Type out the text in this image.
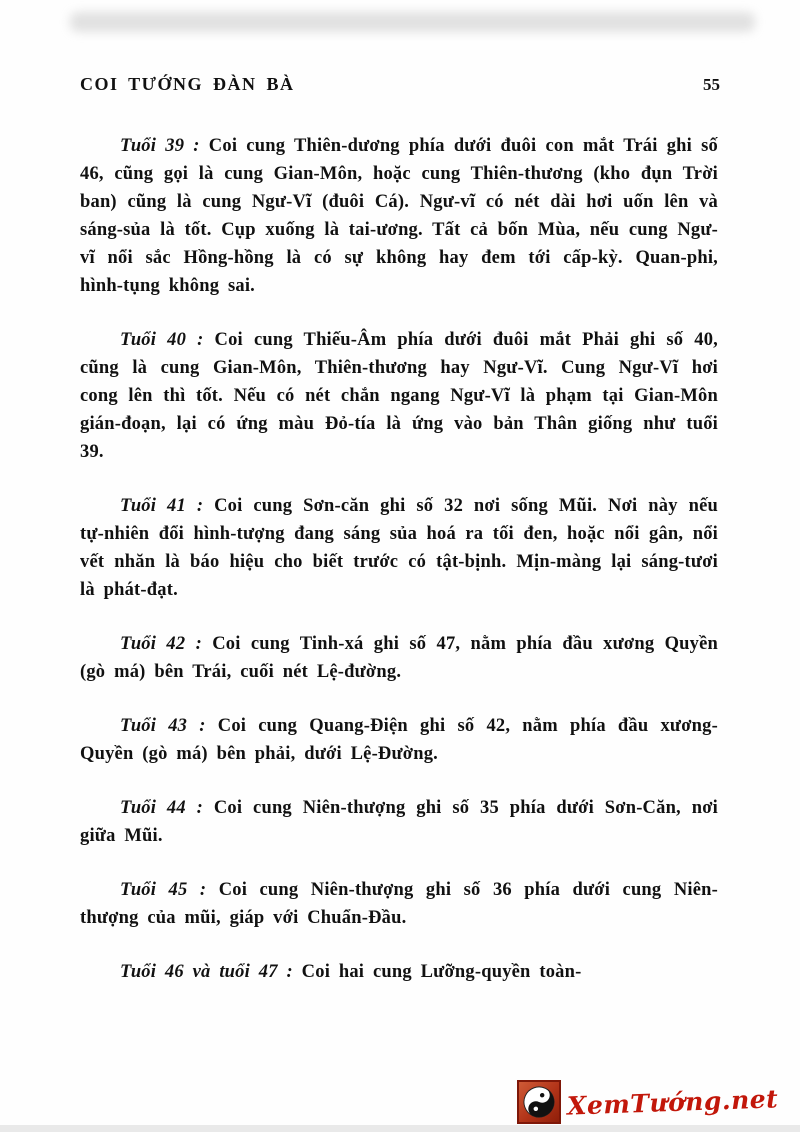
COI TƯỚNG ĐÀN BÀ	55

Tuổi 39 : Coi cung Thiên-dương phía dưới đuôi con mắt Trái ghi số 46, cũng gọi là cung Gian-Môn, hoặc cung Thiên-thương (kho đụn Trời ban) cũng là cung Ngư-Vĩ (đuôi Cá). Ngư-vĩ có nét dài hơi uốn lên và sáng-sủa là tốt. Cụp xuống là tai-ương. Tất cả bốn Mùa, nếu cung Ngư-vĩ nổi sắc Hồng-hồng là có sự không hay đem tới cấp-kỳ. Quan-phi, hình-tụng không sai.

Tuổi 40 : Coi cung Thiếu-Âm phía dưới đuôi mắt Phải ghi số 40, cũng là cung Gian-Môn, Thiên-thương hay Ngư-Vĩ. Cung Ngư-Vĩ hơi cong lên thì tốt. Nếu có nét chắn ngang Ngư-Vĩ là phạm tại Gian-Môn gián-đoạn, lại có ứng màu Đỏ-tía là ứng vào bản Thân giống như tuổi 39.

Tuổi 41 : Coi cung Sơn-căn ghi số 32 nơi sống Mũi. Nơi này nếu tự-nhiên đổi hình-tượng đang sáng sủa hoá ra tối đen, hoặc nổi gân, nổi vết nhăn là báo hiệu cho biết trước có tật-bịnh. Mịn-màng lại sáng-tươi là phát-đạt.

Tuổi 42 : Coi cung Tinh-xá ghi số 47, nằm phía đầu xương Quyền (gò má) bên Trái, cuối nét Lệ-đường.

Tuổi 43 : Coi cung Quang-Điện ghi số 42, nằm phía đầu xương-Quyền (gò má) bên phải, dưới Lệ-Đường.

Tuổi 44 : Coi cung Niên-thượng ghi số 35 phía dưới Sơn-Căn, nơi giữa Mũi.

Tuổi 45 : Coi cung Niên-thượng ghi số 36 phía dưới cung Niên-thượng của mũi, giáp với Chuẩn-Đầu.

Tuổi 46 và tuổi 47 : Coi hai cung Lưỡng-quyền toàn-

XemTướng.net
